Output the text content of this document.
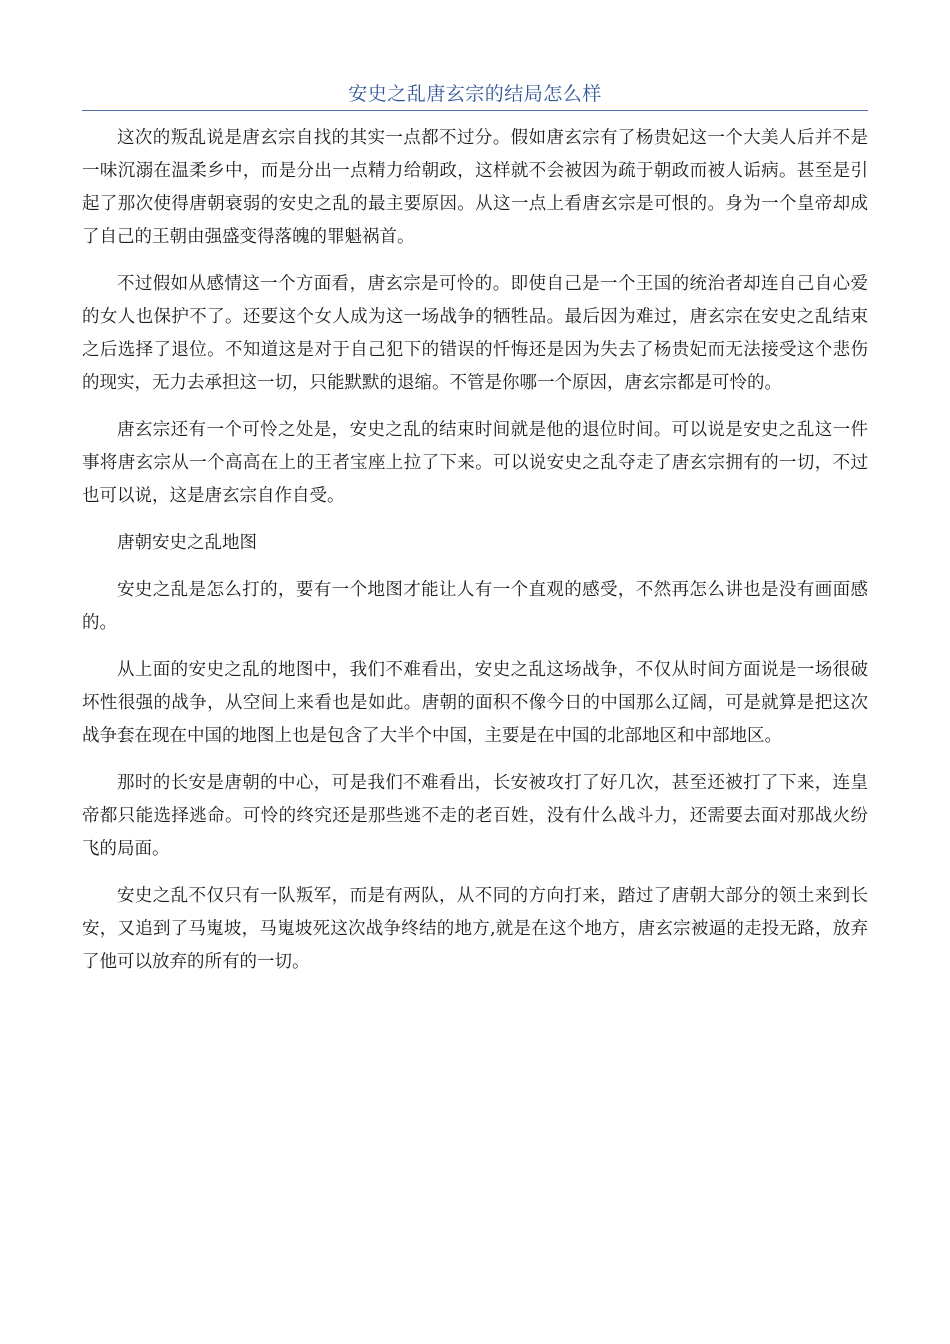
安史之乱唐玄宗的结局怎么样

这次的叛乱说是唐玄宗自找的其实一点都不过分。假如唐玄宗有了杨贵妃这一个大美人后并不是一味沉溺在温柔乡中，而是分出一点精力给朝政，这样就不会被因为疏于朝政而被人诟病。甚至是引起了那次使得唐朝衰弱的安史之乱的最主要原因。从这一点上看唐玄宗是可恨的。身为一个皇帝却成了自己的王朝由强盛变得落魄的罪魁祸首。

不过假如从感情这一个方面看，唐玄宗是可怜的。即使自己是一个王国的统治者却连自己自心爱的女人也保护不了。还要这个女人成为这一场战争的牺牲品。最后因为难过，唐玄宗在安史之乱结束之后选择了退位。不知道这是对于自己犯下的错误的忏悔还是因为失去了杨贵妃而无法接受这个悲伤的现实，无力去承担这一切，只能默默的退缩。不管是你哪一个原因，唐玄宗都是可怜的。

唐玄宗还有一个可怜之处是，安史之乱的结束时间就是他的退位时间。可以说是安史之乱这一件事将唐玄宗从一个高高在上的王者宝座上拉了下来。可以说安史之乱夺走了唐玄宗拥有的一切，不过也可以说，这是唐玄宗自作自受。

唐朝安史之乱地图

安史之乱是怎么打的，要有一个地图才能让人有一个直观的感受，不然再怎么讲也是没有画面感的。

从上面的安史之乱的地图中，我们不难看出，安史之乱这场战争，不仅从时间方面说是一场很破坏性很强的战争，从空间上来看也是如此。唐朝的面积不像今日的中国那么辽阔，可是就算是把这次战争套在现在中国的地图上也是包含了大半个中国，主要是在中国的北部地区和中部地区。

那时的长安是唐朝的中心，可是我们不难看出，长安被攻打了好几次，甚至还被打了下来，连皇帝都只能选择逃命。可怜的终究还是那些逃不走的老百姓，没有什么战斗力，还需要去面对那战火纷飞的局面。

安史之乱不仅只有一队叛军，而是有两队，从不同的方向打来，踏过了唐朝大部分的领土来到长安，又追到了马嵬坡，马嵬坡死这次战争终结的地方,就是在这个地方，唐玄宗被逼的走投无路，放弃了他可以放弃的所有的一切。
